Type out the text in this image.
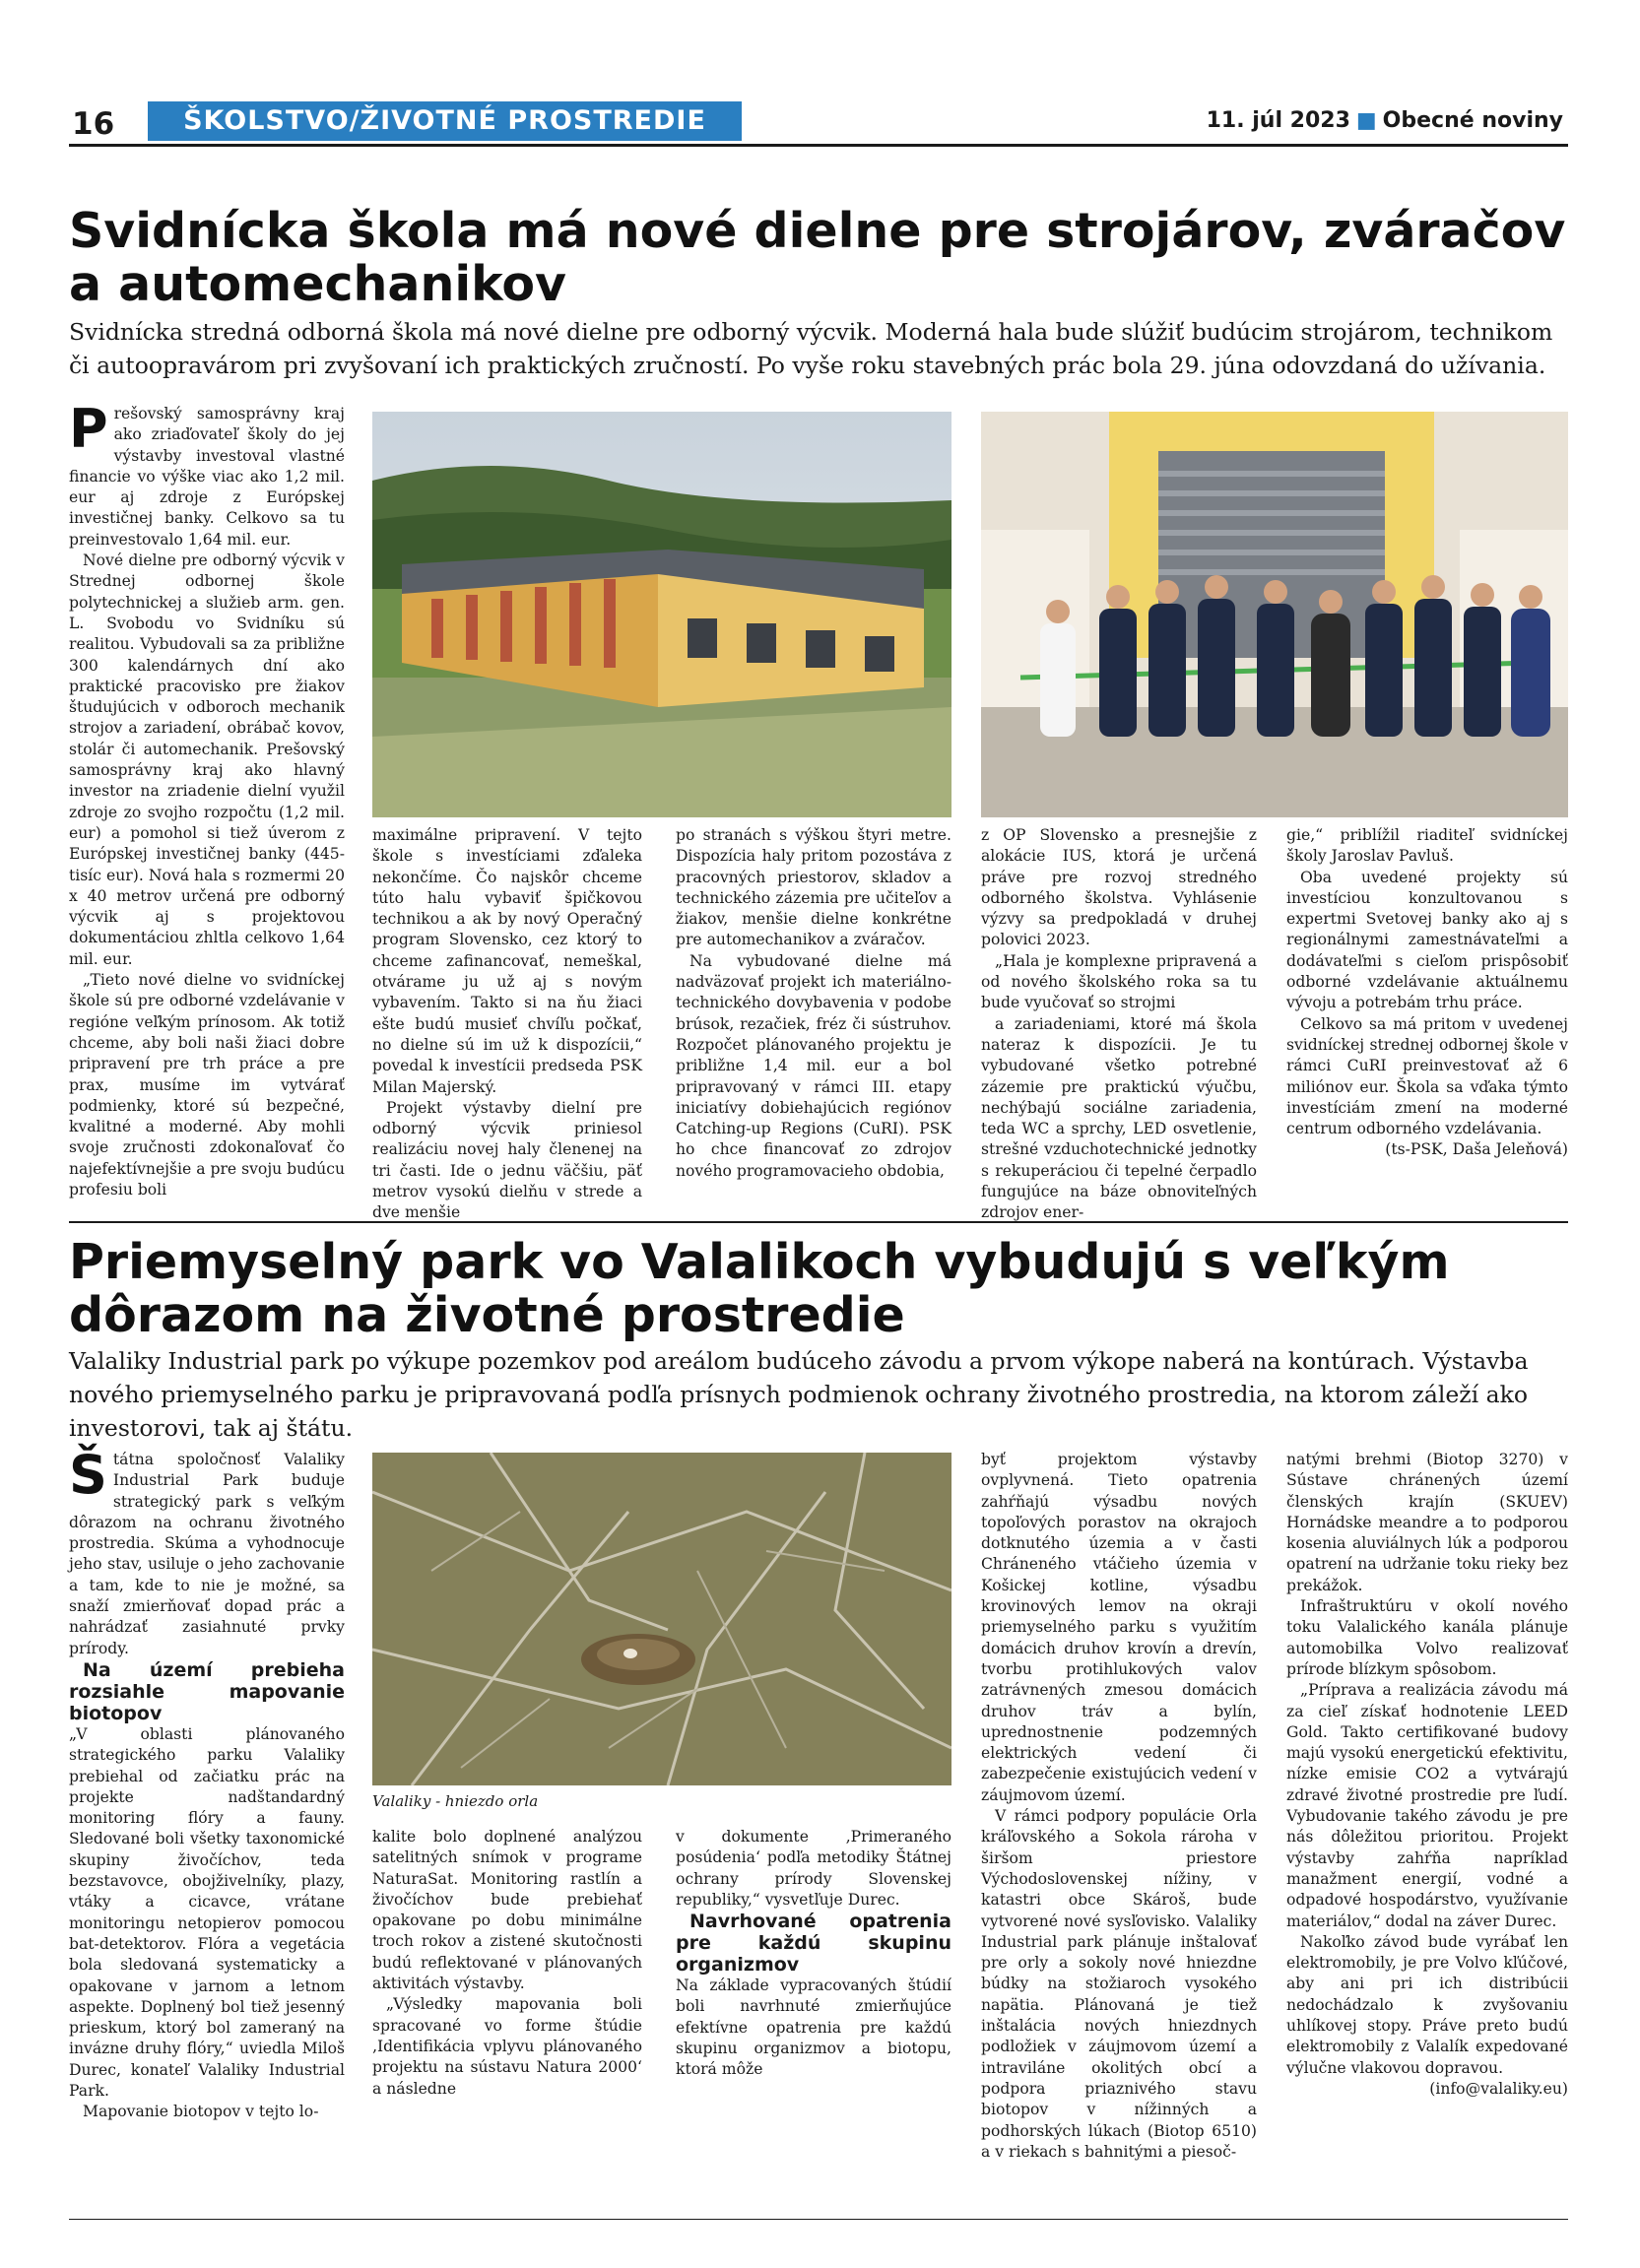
16	ŠKOLSTVO/ŽIVOTNÉ PROSTREDIE	11. júl 2023 ■ Obecné noviny
Svidnícka škola má nové dielne pre strojárov, zváračov
a automechanikov

Svidnícka stredná odborná škola má nové dielne pre odborný výcvik. Moderná hala bude slúžiť budúcim strojárom, technikom či autoopravárom pri zvyšovaní ich praktických zručností. Po vyše roku stavebných prác bola 29. júna odovzdaná do užívania.

Prešovský samosprávny kraj ako zriaďovateľ školy do jej výstavby investoval vlastné financie vo výške viac ako 1,2 mil. eur aj zdroje z Európskej investičnej banky. Celkovo sa tu preinvestovalo 1,64 mil. eur.

Nové dielne pre odborný výcvik v Strednej odbornej škole polytechnickej a služieb arm. gen. L. Svobodu vo Svidníku sú realitou. Vybudovali sa za približne 300 kalendárnych dní ako praktické pracovisko pre žiakov študujúcich v odboroch mechanik strojov a zariadení, obrábač kovov, stolár či automechanik. Prešovský samosprávny kraj ako hlavný investor na zriadenie dielní využil zdroje zo svojho rozpočtu (1,2 mil. eur) a pomohol si tiež úverom z Európskej investičnej banky (445-tisíc eur). Nová hala s rozmermi 20 x 40 metrov určená pre odborný výcvik aj s projektovou dokumentáciou zhltla celkovo 1,64 mil. eur.

„Tieto nové dielne vo svidníckej škole sú pre odborné vzdelávanie v regióne veľkým prínosom. Ak totiž chceme, aby boli naši žiaci dobre pripravení pre trh práce a pre prax, musíme im vytvárať podmienky, ktoré sú bezpečné, kvalitné a moderné. Aby mohli svoje zručnosti zdokonaľovať čo najefektívnejšie a pre svoju budúcu profesiu boli

maximálne pripravení. V tejto škole s investíciami zďaleka nekončíme. Čo najskôr chceme túto halu vybaviť špičkovou technikou a ak by nový Operačný program Slovensko, cez ktorý to chceme zafinancovať, nemeškal, otvárame ju už aj s novým vybavením. Takto si na ňu žiaci ešte budú musieť chvíľu počkať, no dielne sú im už k dispozícii,“ povedal k investícii predseda PSK Milan Majerský.

Projekt výstavby dielní pre odborný výcvik priniesol realizáciu novej haly členenej na tri časti. Ide o jednu väčšiu, päť metrov vysokú dielňu v strede a dve menšie

po stranách s výškou štyri metre. Dispozícia haly pritom pozostáva z pracovných priestorov, skladov a technického zázemia pre učiteľov a žiakov, menšie dielne konkrétne pre automechanikov a zváračov.

Na vybudované dielne má nadväzovať projekt ich materiálno-technického dovybavenia v podobe brúsok, rezačiek, fréz či sústruhov. Rozpočet plánovaného projektu je približne 1,4 mil. eur a bol pripravovaný v rámci III. etapy iniciatívy dobiehajúcich regiónov Catching-up Regions (CuRI). PSK ho chce financovať zo zdrojov nového programovacieho obdobia,

z OP Slovensko a presnejšie z alokácie IUS, ktorá je určená práve pre rozvoj stredného odborného školstva. Vyhlásenie výzvy sa predpokladá v druhej polovici 2023.

„Hala je komplexne pripravená a od nového školského roka sa tu bude vyučovať so strojmi

a zariadeniami, ktoré má škola nateraz k dispozícii. Je tu vybudované všetko potrebné zázemie pre praktickú výučbu, nechýbajú sociálne zariadenia, teda WC a sprchy, LED osvetlenie, strešné vzduchotechnické jednotky s rekuperáciou či tepelné čerpadlo fungujúce na báze obnoviteľných zdrojov ener-

gie,“ priblížil riaditeľ svidníckej školy Jaroslav Pavluš.

Oba uvedené projekty sú investíciou konzultovanou s expertmi Svetovej banky ako aj s regionálnymi zamestnávateľmi a dodávateľmi s cieľom prispôsobiť odborné vzdelávanie aktuálnemu vývoju a potrebám trhu práce.

Celkovo sa má pritom v uvedenej svidníckej strednej odbornej škole v rámci CuRI preinvestovať až 6 miliónov eur. Škola sa vďaka týmto investíciám zmení na moderné centrum odborného vzdelávania.

(ts-PSK, Daša Jeleňová)

Priemyselný park vo Valalikoch vybudujú s veľkým
dôrazom na životné prostredie

Valaliky Industrial park po výkupe pozemkov pod areálom budúceho závodu a prvom výkope naberá na kontúrach. Výstavba nového priemyselného parku je pripravovaná podľa prísnych podmienok ochrany životného prostredia, na ktorom záleží ako investorovi, tak aj štátu.

Štátna spoločnosť Valaliky Industrial Park buduje strategický park s veľkým dôrazom na ochranu životného prostredia. Skúma a vyhodnocuje jeho stav, usiluje o jeho zachovanie a tam, kde to nie je možné, sa snaží zmierňovať dopad prác a nahrádzať zasiahnuté prvky prírody.

Na území prebieha rozsiahle mapovanie biotopov

„V oblasti plánovaného strategického parku Valaliky prebiehal od začiatku prác na projekte nadštandardný monitoring flóry a fauny. Sledované boli všetky taxonomické skupiny živočíchov, teda bezstavovce, obojživelníky, plazy, vtáky a cicavce, vrátane monitoringu netopierov pomocou bat-detektorov. Flóra a vegetácia bola sledovaná systematicky a opakovane v jarnom a letnom aspekte. Doplnený bol tiež jesenný prieskum, ktorý bol zameraný na invázne druhy flóry,“ uviedla Miloš Durec, konateľ Valaliky Industrial Park.

Mapovanie biotopov v tejto lo-

Valaliky - hniezdo orla

kalite bolo doplnené analýzou satelitných snímok v programe NaturaSat. Monitoring rastlín a živočíchov bude prebiehať opakovane po dobu minimálne troch rokov a zistené skutočnosti budú reflektované v plánovaných aktivitách výstavby.

„Výsledky mapovania boli spracované vo forme štúdie ‚Identifikácia vplyvu plánovaného projektu na sústavu Natura 2000‘ a následne

v dokumente ‚Primeraného posúdenia‘ podľa metodiky Štátnej ochrany prírody Slovenskej republiky,“ vysvetľuje Durec.

Navrhované opatrenia pre každú skupinu organizmov

Na základe vypracovaných štúdií boli navrhnuté zmierňujúce efektívne opatrenia pre každú skupinu organizmov a biotopu, ktorá môže

byť projektom výstavby ovplyvnená. Tieto opatrenia zahŕňajú výsadbu nových topoľových porastov na okrajoch dotknutého územia a v časti Chráneného vtáčieho územia v Košickej kotline, výsadbu krovinových lemov na okraji priemyselného parku s využitím domácich druhov krovín a drevín, tvorbu protihlukových valov zatrávnených zmesou domácich druhov tráv a bylín, uprednostnenie podzemných elektrických vedení či zabezpečenie existujúcich vedení v záujmovom území.

V rámci podpory populácie Orla kráľovského a Sokola rároha v širšom priestore Východoslovenskej nížiny, v katastri obce Skároš, bude vytvorené nové sysľovisko. Valaliky Industrial park plánuje inštalovať pre orly a sokoly nové hniezdne búdky na stožiaroch vysokého napätia. Plánovaná je tiež inštalácia nových hniezdnych podložiek v záujmovom území a intravilánе okolitých obcí a podpora priaznivého stavu biotopov v nížinných a podhorských lúkach (Biotop 6510) a v riekach s bahnitými a piesoč-

natými brehmi (Biotop 3270) v Sústave chránených území členských krajín (SKUEV) Hornádske meandre a to podporou kosenia aluviálnych lúk a podporou opatrení na udržanie toku rieky bez prekážok.

Infraštruktúru v okolí nového toku Valalického kanála plánuje automobilka Volvo realizovať prírode blízkym spôsobom.

„Príprava a realizácia závodu má za cieľ získať hodnotenie LEED Gold. Takto certifikované budovy majú vysokú energetickú efektivitu, nízke emisie CO2 a vytvárajú zdravé životné prostredie pre ľudí. Vybudovanie takého závodu je pre nás dôležitou prioritou. Projekt výstavby zahŕňa napríklad manažment energií, vodné a odpadové hospodárstvo, využívanie materiálov,“ dodal na záver Durec.

Nakoľko závod bude vyrábať len elektromobily, je pre Volvo kľúčové, aby ani pri ich distribúcii nedochádzalo k zvyšovaniu uhlíkovej stopy. Práve preto budú elektromobily z Valalík expedované výlučne vlakovou dopravou.

(info@valaliky.eu)
